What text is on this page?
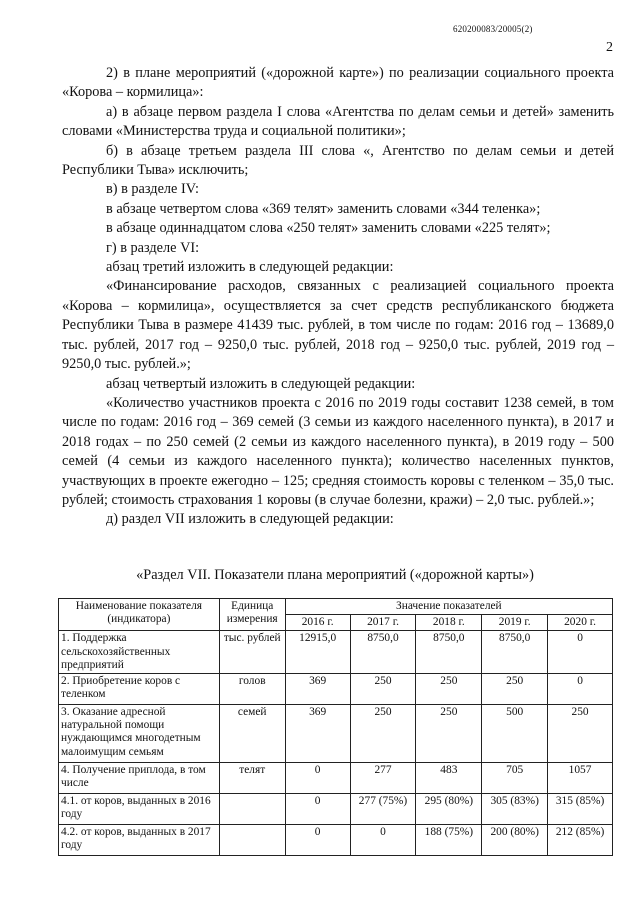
620200083/20005(2)
2

2) в плане мероприятий («дорожной карте») по реализации социального проекта «Корова – кормилица»:

а) в абзаце первом раздела I слова «Агентства по делам семьи и детей» заменить словами «Министерства труда и социальной политики»;

б) в абзаце третьем раздела III слова «, Агентство по делам семьи и детей Республики Тыва» исключить;

в) в разделе IV:

в абзаце четвертом слова «369 телят» заменить словами «344 теленка»;

в абзаце одиннадцатом слова «250 телят» заменить словами «225 телят»;

г) в разделе VI:

абзац третий изложить в следующей редакции:

«Финансирование расходов, связанных с реализацией социального проекта «Корова – кормилица», осуществляется за счет средств республиканского бюджета Республики Тыва в размере 41439 тыс. рублей, в том числе по годам: 2016 год – 13689,0 тыс. рублей, 2017 год – 9250,0 тыс. рублей, 2018 год – 9250,0 тыс. рублей, 2019 год – 9250,0 тыс. рублей.»;

абзац четвертый изложить в следующей редакции:

«Количество участников проекта с 2016 по 2019 годы составит 1238 семей, в том числе по годам: 2016 год – 369 семей (3 семьи из каждого населенного пункта), в 2017 и 2018 годах – по 250 семей (2 семьи из каждого населенного пункта), в 2019 году – 500 семей (4 семьи из каждого населенного пункта); количество населенных пунктов, участвующих в проекте ежегодно – 125; средняя стоимость коровы с теленком – 35,0 тыс. рублей; стоимость страхования 1 коровы (в случае болезни, кражи) – 2,0 тыс. рублей.»;

д) раздел VII изложить в следующей редакции:

«Раздел VII. Показатели плана мероприятий («дорожной карты»)
Наименование показателя (индикатора)	Единица измерения	Значение показателей				
		2016 г.	2017 г.	2018 г.	2019 г.	2020 г.
1. Поддержка сельскохозяйственных предприятий	тыс. рублей	12915,0	8750,0	8750,0	8750,0	0
2. Приобретение коров с теленком	голов	369	250	250	250	0
3. Оказание адресной натуральной помощи нуждающимся многодетным малоимущим семьям	семей	369	250	250	500	250
4. Получение приплода, в том числе	телят	0	277	483	705	1057
4.1. от коров, выданных в 2016 году		0	277 (75%)	295 (80%)	305 (83%)	315 (85%)
4.2. от коров, выданных в 2017 году		0	0	188 (75%)	200 (80%)	212 (85%)
